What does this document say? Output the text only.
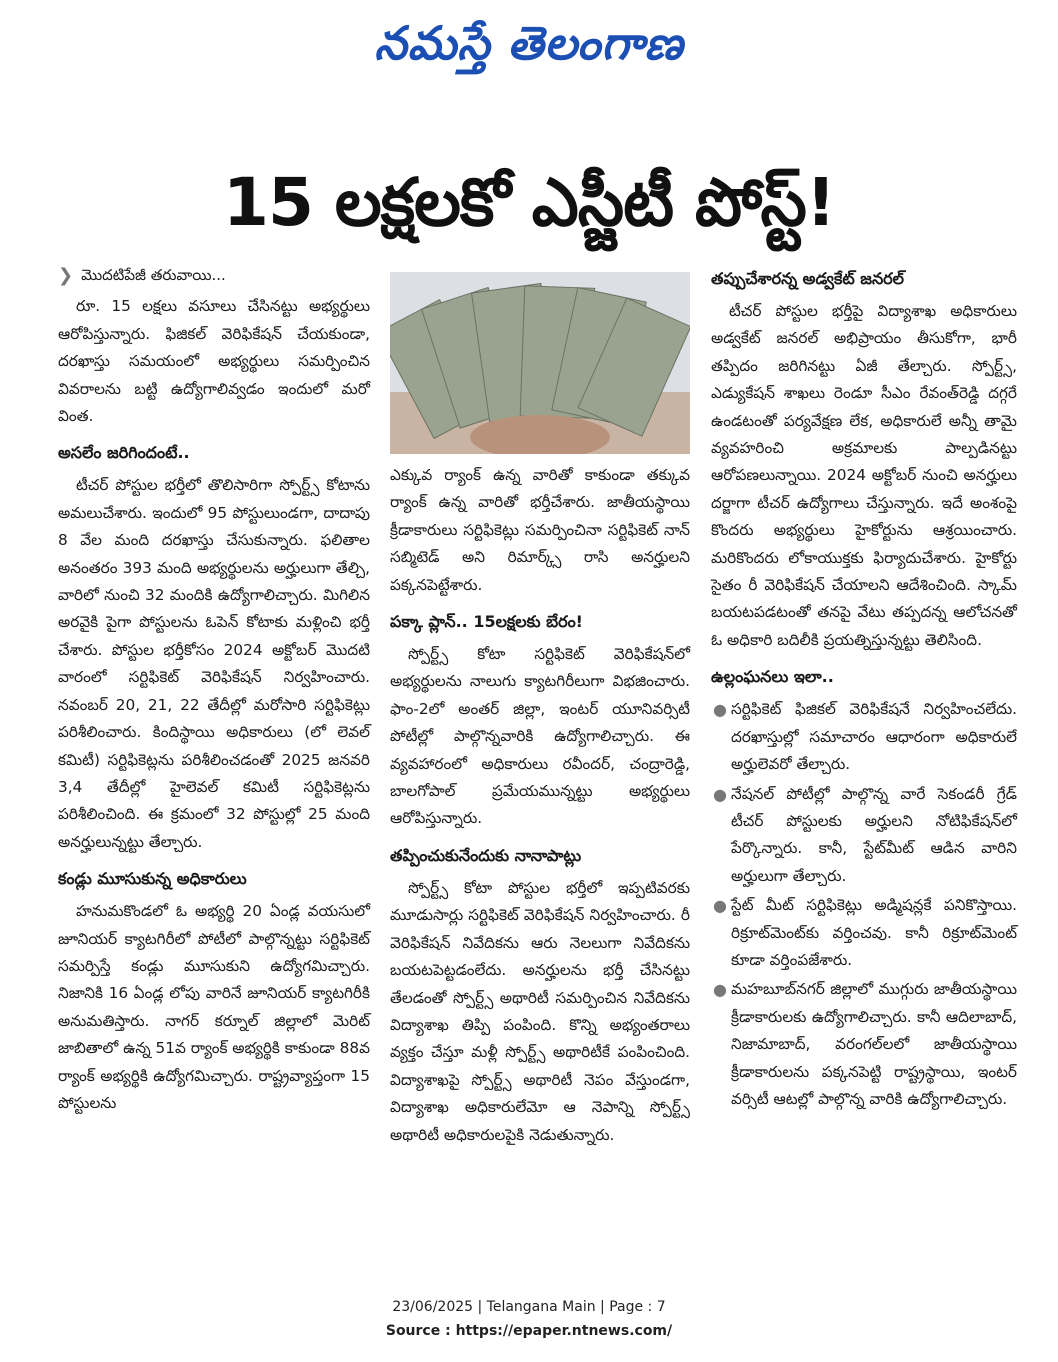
నమస్తే తెలంగాణ
15 లక్షలకో ఎస్జీటీ పోస్ట్!
❯ మొదటిపేజీ తరువాయి...

రూ. 15 లక్షలు వసూలు చేసినట్టు అభ్యర్థులు ఆరోపిస్తున్నారు. ఫిజికల్ వెరిఫికేషన్ చేయకుండా, దరఖాస్తు సమయంలో అభ్యర్థులు సమర్పించిన వివరాలను బట్టి ఉద్యోగాలివ్వడం ఇందులో మరో వింత.

అసలేం జరిగిందంటే..

టీచర్ పోస్టుల భర్తీలో తొలిసారిగా స్పోర్ట్స్ కోటాను అమలుచేశారు. ఇందులో 95 పోస్టులుండగా, దాదాపు 8 వేల మంది దరఖాస్తు చేసుకున్నారు. ఫలితాల అనంతరం 393 మంది అభ్యర్థులను అర్హులుగా తేల్చి, వారిలో నుంచి 32 మందికి ఉద్యోగాలిచ్చారు. మిగిలిన అరవైకి పైగా పోస్టులను ఓపెన్ కోటాకు మళ్లించి భర్తీ చేశారు. పోస్టుల భర్తీకోసం 2024 అక్టోబర్ మొదటి వారంలో సర్టిఫికెట్ వెరిఫికేషన్ నిర్వహించారు. నవంబర్ 20, 21, 22 తేదీల్లో మరోసారి సర్టిఫికెట్లు పరిశీలించారు. కిందిస్థాయి అధికారులు (లో లెవల్ కమిటీ) సర్టిఫికెట్లను పరిశీలించడంతో 2025 జనవరి 3,4 తేదీల్లో హైలెవల్ కమిటీ సర్టిఫికెట్లను పరిశీలించింది. ఈ క్రమంలో 32 పోస్టుల్లో 25 మంది అనర్హులున్నట్టు తేల్చారు.

కండ్లు మూసుకున్న అధికారులు

హనుమకొండలో ఓ అభ్యర్థి 20 ఏండ్ల వయసులో జూనియర్ క్యాటగిరీలో పోటీలో పాల్గొన్నట్టు సర్టిఫికెట్ సమర్పిస్తే కండ్లు మూసుకుని ఉద్యోగమిచ్చారు. నిజానికి 16 ఏండ్ల లోపు వారినే జూనియర్ క్యాటగిరీకి అనుమతిస్తారు. నాగర్ కర్నూల్ జిల్లాలో మెరిట్ జాబితాలో ఉన్న 51వ ర్యాంక్ అభ్యర్థికి కాకుండా 88వ ర్యాంక్ అభ్యర్థికి ఉద్యోగమిచ్చారు. రాష్ట్రవ్యాప్తంగా 15 పోస్టులను

ఎక్కువ ర్యాంక్ ఉన్న వారితో కాకుండా తక్కువ ర్యాంక్ ఉన్న వారితో భర్తీచేశారు. జాతీయస్థాయి క్రీడాకారులు సర్టిఫికెట్లు సమర్పించినా సర్టిఫికెట్ నాన్ సబ్మిటెడ్ అని రిమార్క్స్ రాసి అనర్హులని పక్కనపెట్టేశారు.

పక్కా ప్లాన్.. 15లక్షలకు బేరం!

స్పోర్ట్స్ కోటా సర్టిఫికెట్ వెరిఫికేషన్‌లో అభ్యర్థులను నాలుగు క్యాటగిరీలుగా విభజించారు. ఫాం-2లో అంతర్ జిల్లా, ఇంటర్ యూనివర్సిటీ పోటీల్లో పాల్గొన్నవారికి ఉద్యోగాలిచ్చారు. ఈ వ్యవహారంలో అధికారులు రవీందర్, చంద్రారెడ్డి, బాలగోపాల్ ప్రమేయమున్నట్టు అభ్యర్థులు ఆరోపిస్తున్నారు.

తప్పించుకునేందుకు నానాపాట్లు

స్పోర్ట్స్ కోటా పోస్టుల భర్తీలో ఇప్పటివరకు మూడుసార్లు సర్టిఫికెట్ వెరిఫికేషన్ నిర్వహించారు. రీ వెరిఫికేషన్ నివేదికను ఆరు నెలలుగా నివేదికను బయటపెట్టడంలేదు. అనర్హులను భర్తీ చేసినట్టు తేలడంతో స్పోర్ట్స్ అథారిటీ సమర్పించిన నివేదికను విద్యాశాఖ తిప్పి పంపింది. కొన్ని అభ్యంతరాలు వ్యక్తం చేస్తూ మళ్లీ స్పోర్ట్స్ అథారిటీకే పంపించింది. విద్యాశాఖపై స్పోర్ట్స్ అథారిటీ నెపం వేస్తుండగా, విద్యాశాఖ అధికారులేమో ఆ నెపాన్ని స్పోర్ట్స్ అథారిటీ అధికారులపైకి నెడుతున్నారు.

తప్పుచేశారన్న అడ్వకేట్ జనరల్

టీచర్ పోస్టుల భర్తీపై విద్యాశాఖ అధికారులు అడ్వకేట్ జనరల్ అభిప్రాయం తీసుకోగా, భారీ తప్పిదం జరిగినట్టు ఏజీ తేల్చారు. స్పోర్ట్స్, ఎడ్యుకేషన్ శాఖలు రెండూ సీఎం రేవంత్‌రెడ్డి దగ్గరే ఉండటంతో పర్యవేక్షణ లేక, అధికారులే అన్నీ తామై వ్యవహరించి అక్రమాలకు పాల్పడినట్టు ఆరోపణలున్నాయి. 2024 అక్టోబర్ నుంచి అనర్హులు దర్జాగా టీచర్ ఉద్యోగాలు చేస్తున్నారు. ఇదే అంశంపై కొందరు అభ్యర్థులు హైకోర్టును ఆశ్రయించారు. మరికొందరు లోకాయుక్తకు ఫిర్యాదుచేశారు. హైకోర్టు సైతం రీ వెరిఫికేషన్ చేయాలని ఆదేశించింది. స్కామ్ బయటపడటంతో తనపై వేటు తప్పదన్న ఆలోచనతో ఓ అధికారి బదిలీకి ప్రయత్నిస్తున్నట్టు తెలిసింది.

ఉల్లంఘనలు ఇలా..
● సర్టిఫికెట్ ఫిజికల్ వెరిఫికేషనే నిర్వహించలేదు. దరఖాస్తుల్లో సమాచారం ఆధారంగా అధికారులే అర్హులెవరో తేల్చారు.
● నేషనల్ పోటీల్లో పాల్గొన్న వారే సెకండరీ గ్రేడ్ టీచర్ పోస్టులకు అర్హులని నోటిఫికేషన్‌లో పేర్కొన్నారు. కానీ, స్టేట్‌మీట్ ఆడిన వారిని అర్హులుగా తేల్చారు.
● స్టేట్ మీట్ సర్టిఫికెట్లు అడ్మిషన్లకే పనికొస్తాయి. రిక్రూట్‌మెంట్‌కు వర్తించవు. కానీ రిక్రూట్‌మెంట్ కూడా వర్తింపజేశారు.
● మహబూబ్‌నగర్ జిల్లాలో ముగ్గురు జాతీయస్థాయి క్రీడాకారులకు ఉద్యోగాలిచ్చారు. కానీ ఆదిలాబాద్, నిజామాబాద్, వరంగల్‌లలో జాతీయస్థాయి క్రీడాకారులను పక్కనపెట్టి రాష్ట్రస్థాయి, ఇంటర్ వర్సిటీ ఆటల్లో పాల్గొన్న వారికి ఉద్యోగాలిచ్చారు.
23/06/2025 | Telangana Main | Page : 7
Source : https://epaper.ntnews.com/
